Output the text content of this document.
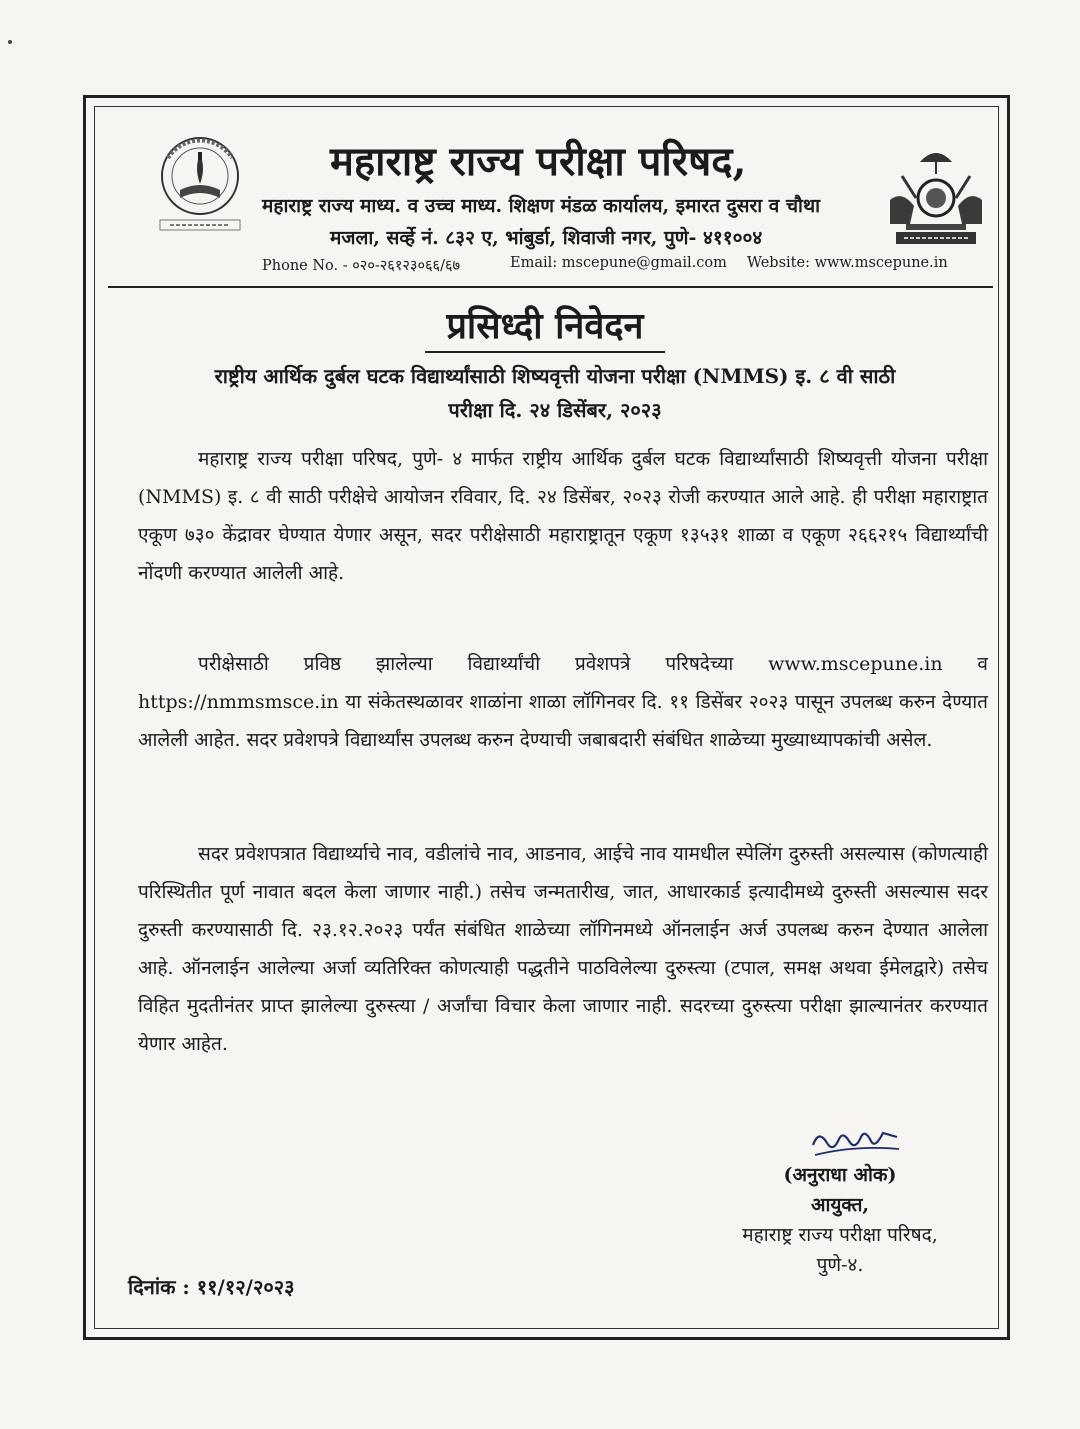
महाराष्ट्र राज्य परीक्षा परिषद,
महाराष्ट्र राज्य माध्य. व उच्च माध्य. शिक्षण मंडळ कार्यालय, इमारत दुसरा व चौथा
मजला, सर्व्हे नं. ८३२ ए, भांबुर्डा, शिवाजी नगर, पुणे- ४११००४
Phone No. - ०२०-२६१२३०६६/६७	Email: mscepune@gmail.com Website: www.mscepune.in
प्रसिध्दी निवेदन
राष्ट्रीय आर्थिक दुर्बल घटक विद्यार्थ्यांसाठी शिष्यवृत्ती योजना परीक्षा (NMMS) इ. ८ वी साठी
परीक्षा दि. २४ डिसेंबर, २०२३
महाराष्ट्र राज्य परीक्षा परिषद, पुणे- ४ मार्फत राष्ट्रीय आर्थिक दुर्बल घटक विद्यार्थ्यांसाठी शिष्यवृत्ती योजना परीक्षा (NMMS) इ. ८ वी साठी परीक्षेचे आयोजन रविवार, दि. २४ डिसेंबर, २०२३ रोजी करण्यात आले आहे. ही परीक्षा महाराष्ट्रात एकूण ७३० केंद्रावर घेण्यात येणार असून, सदर परीक्षेसाठी महाराष्ट्रातून एकूण १३५३१ शाळा व एकूण २६६२१५ विद्यार्थ्यांची नोंदणी करण्यात आलेली आहे.
परीक्षेसाठी प्रविष्ठ झालेल्या विद्यार्थ्यांची प्रवेशपत्रे परिषदेच्या www.mscepune.in व https://nmmsmsce.in या संकेतस्थळावर शाळांना शाळा लॉगिनवर दि. ११ डिसेंबर २०२३ पासून उपलब्ध करुन देण्यात आलेली आहेत. सदर प्रवेशपत्रे विद्यार्थ्यांस उपलब्ध करुन देण्याची जबाबदारी संबंधित शाळेच्या मुख्याध्यापकांची असेल.
सदर प्रवेशपत्रात विद्यार्थ्याचे नाव, वडीलांचे नाव, आडनाव, आईचे नाव यामधील स्पेलिंग दुरुस्ती असल्यास (कोणत्याही परिस्थितीत पूर्ण नावात बदल केला जाणार नाही.) तसेच जन्मतारीख, जात, आधारकार्ड इत्यादीमध्ये दुरुस्ती असल्यास सदर दुरुस्ती करण्यासाठी दि. २३.१२.२०२३ पर्यंत संबंधित शाळेच्या लॉगिनमध्ये ऑनलाईन अर्ज उपलब्ध करुन देण्यात आलेला आहे. ऑनलाईन आलेल्या अर्जा व्यतिरिक्त कोणत्याही पद्धतीने पाठविलेल्या दुरुस्त्या (टपाल, समक्ष अथवा ईमेलद्वारे) तसेच विहित मुदतीनंतर प्राप्त झालेल्या दुरुस्त्या / अर्जांचा विचार केला जाणार नाही. सदरच्या दुरुस्त्या परीक्षा झाल्यानंतर करण्यात येणार आहेत.
(अनुराधा ओक)
आयुक्त,
महाराष्ट्र राज्य परीक्षा परिषद,
पुणे-४.
दिनांक : ११/१२/२०२३
